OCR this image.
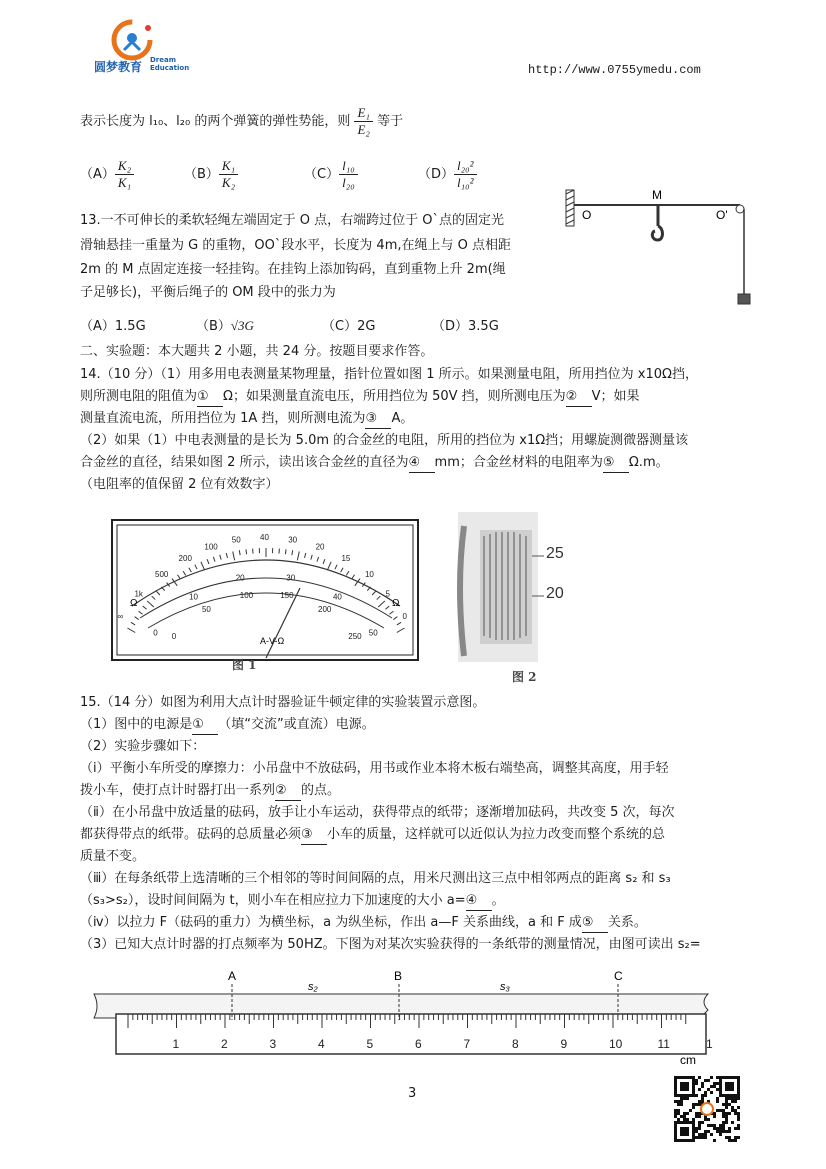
圆梦教育 Dream
Education	http://www.0755ymedu.com
表示长度为 l₁₀、l₂₀ 的两个弹簧的弹性势能，则 $\frac{\text{E₁}}{\text{E₂}}$ 等于
$(A) \frac{\text{K₂}}{\text{K₁}}$	$(B) \frac{\text{K₁}}{\text{K₂}}$	$(C) \frac{\text{l₁₀}}{\text{l₂₀}}$	$(D) \frac{\text{l₂₀²}}{\text{l₁₀²}}$
13.一不可伸长的柔软轻绳左端固定于 O 点，右端跨过位于 O`点的固定光
滑轴悬挂一重量为 G 的重物，OO`段水平，长度为 4m,在绳上与 O 点相距
2m 的 M 点固定连接一轻挂钩。在挂钩上添加钩码，直到重物上升 2m(绳
子足够长)，平衡后绳子的 OM 段中的张力为
O
M
O'
（A）1.5G	（B）√3G	（C）2G	（D）3.5G
二、实验题：本大题共 2 小题，共 24 分。按题目要求作答。
14.（10 分）（1）用多用电表测量某物理量，指针位置如图 1 所示。如果测量电阻，所用挡位为 x10Ω挡，
则所测电阻的阻值为① Ω；如果测量直流电压，所用挡位为 50V 挡，则所测电压为② V；如果
测量直流电流，所用挡位为 1A 挡，则所测电流为③ A。
（2）如果（1）中电表测量的是长为 5.0m 的合金丝的电阻，所用的挡位为 x1Ω挡；用螺旋测微器测量该
合金丝的直径，结果如图 2 所示，读出该合金丝的直径为④ mm；合金丝材料的电阻率为⑤ Ω.m。
（电阻率的值保留 2 位有效数字）
A-V-Ω
Ω	Ω
∞
1k
500
200
100
50 40 30
20
15
10
5
0
0
10
20	30
40
50
0
50
100	150
200
250
图 1
25
20
图 2
15.（14 分）如图为利用大点计时器验证牛顿定律的实验装置示意图。
（1）图中的电源是① （填“交流”或直流）电源。
（2）实验步骤如下：
（ⅰ）平衡小车所受的摩擦力：小吊盘中不放砝码，用书或作业本将木板右端垫高，调整其高度，用手轻
拨小车，使打点计时器打出一系列② 的点。
（ⅱ）在小吊盘中放适量的砝码，放手让小车运动，获得带点的纸带；逐渐增加砝码，共改变 5 次，每次
都获得带点的纸带。砝码的总质量必须③ 小车的质量，这样就可以近似认为拉力改变而整个系统的总
质量不变。
（ⅲ）在每条纸带上选清晰的三个相邻的等时间间隔的点，用米尺测出这三点中相邻两点的距离 s₂ 和 s₃
（s₃>s₂），设时间间隔为 t，则小车在相应拉力下加速度的大小 a=④ 。
（ⅳ）以拉力 F（砝码的重力）为横坐标，a 为纵坐标，作出 a—F 关系曲线，a 和 F 成⑤ 关系。
（3）已知大点计时器的打点频率为 50HZ。下图为对某次实验获得的一条纸带的测量情况，由图可读出 s₂=
1	2	3	4	5	6	7	8	9	10	11	1
A	B	C
s₂	s₃
cm
3
